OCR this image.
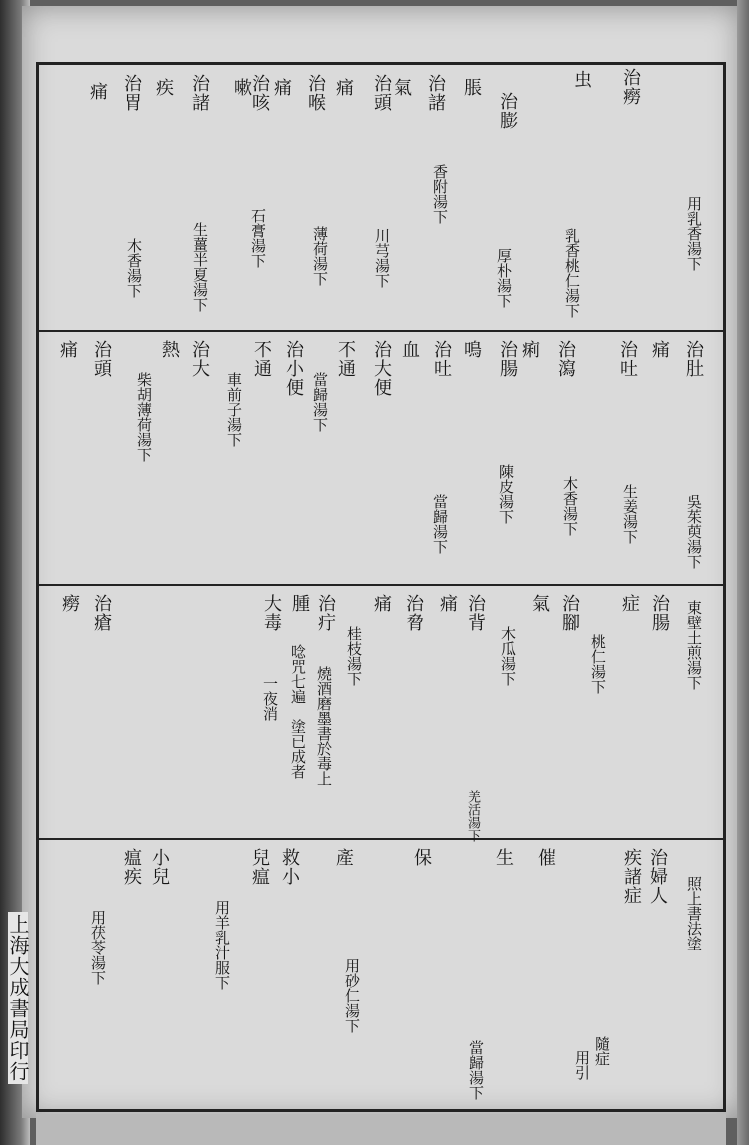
用乳香湯下
治癆
乳香桃仁湯下
虫
治膨
厚朴湯下
脹
治諸
香附湯下
氣
治頭
川芎湯下
痛
治喉
薄荷湯下
痛
治咳
石膏湯下
嗽
治諸
生薑半夏湯下
疾
治胃
木香湯下
痛
治肚
吳茱萸湯下
痛
治吐
生姜湯下
治瀉
木香湯下
痢
治腸
陳皮湯下
鳴
治吐
當歸湯下
血
治大便
當歸湯下
不通
治小便
車前子湯下
不通
治大
柴胡薄荷湯下
熱
治頭
痛
治腸 東壁土煎湯下
症
桃仁湯下
治腳
木瓜湯下
氣
治背
羌活湯下
痛
治脅
痛
桂枝湯下
治疔
燒酒磨墨書於毒上
腫
唸咒七遍　塗已成者
大毒
一夜消
治瘡
癆
照上書法塗
治婦人
疾諸症
隨症
用引
催
生
當歸湯下
保
產
用砂仁湯下
救小
兒瘟
用羊乳汁服下
小兒
瘟疾
用茯苓湯下
上海大成書局印行
